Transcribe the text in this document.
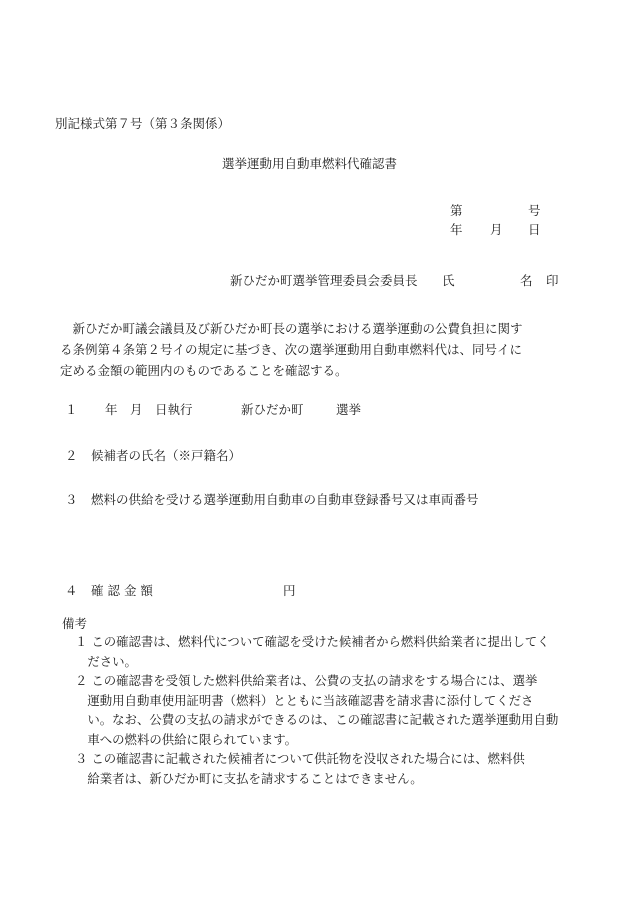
別記様式第７号（第３条関係）
選挙運動用自動車燃料代確認書
第	号
年 月 日
新ひだか町選挙管理委員会委員長 氏	名 印
　新ひだか町議会議員及び新ひだか町長の選挙における選挙運動の公費負担に関す
る条例第４条第２号イの規定に基づき、次の選挙運動用自動車燃料代は、同号イに
定める金額の範囲内のものであることを確認する。
１ 年 月 日執行	新ひだか町	選挙
２ 候補者の氏名（※戸籍名）
３ 燃料の供給を受ける選挙運動用自動車の自動車登録番号又は車両番号
４ 確 認 金 額	円
備考
１ この確認書は、燃料代について確認を受けた候補者から燃料供給業者に提出してく
　ださい。
２ この確認書を受領した燃料供給業者は、公費の支払の請求をする場合には、選挙
　運動用自動車使用証明書（燃料）とともに当該確認書を請求書に添付してくださ
　い。なお、公費の支払の請求ができるのは、この確認書に記載された選挙運動用自動
　車への燃料の供給に限られています。
３ この確認書に記載された候補者について供託物を没収された場合には、燃料供
　給業者は、新ひだか町に支払を請求することはできません。
